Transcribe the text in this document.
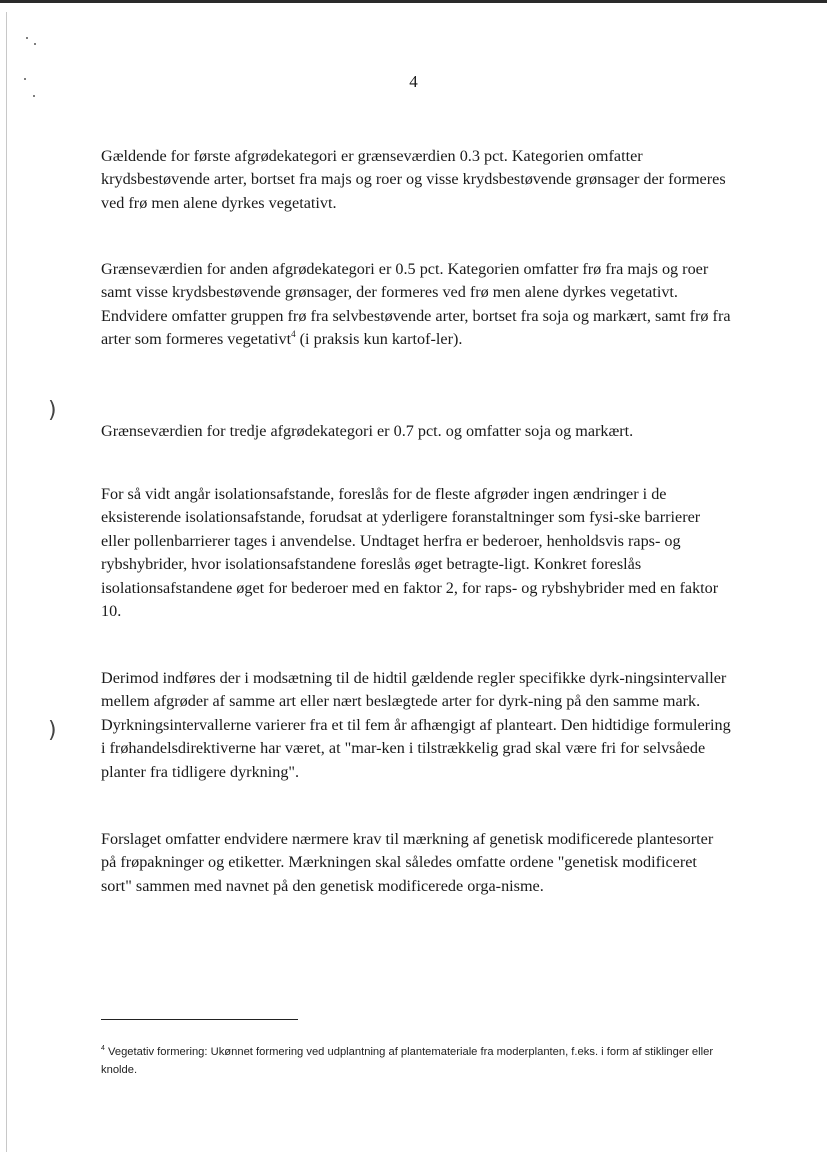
4

Gældende for første afgrødekategori er grænseværdien 0.3 pct. Kategorien omfatter krydsbestøvende arter, bortset fra majs og roer og visse krydsbestøvende grønsager der formeres ved frø men alene dyrkes vegetativt.

Grænseværdien for anden afgrødekategori er 0.5 pct. Kategorien omfatter frø fra majs og roer samt visse krydsbestøvende grønsager, der formeres ved frø men alene dyrkes vegetativt. Endvidere omfatter gruppen frø fra selvbestøvende arter, bortset fra soja og markært, samt frø fra arter som formeres vegetativt$^4$ (i praksis kun kartof-ler).

)

Grænseværdien for tredje afgrødekategori er 0.7 pct. og omfatter soja og markært.

For så vidt angår isolationsafstande, foreslås for de fleste afgrøder ingen ændringer i de eksisterende isolationsafstande, forudsat at yderligere foranstaltninger som fysi-ske barrierer eller pollenbarrierer tages i anvendelse. Undtaget herfra er bederoer, henholdsvis raps- og rybshybrider, hvor isolationsafstandene foreslås øget betragte-ligt. Konkret foreslås isolationsafstandene øget for bederoer med en faktor 2, for raps- og rybshybrider med en faktor 10.

)

Derimod indføres der i modsætning til de hidtil gældende regler specifikke dyrk-ningsintervaller mellem afgrøder af samme art eller nært beslægtede arter for dyrk-ning på den samme mark. Dyrkningsintervallerne varierer fra et til fem år afhængigt af planteart. Den hidtidige formulering i frøhandelsdirektiverne har været, at "mar-ken i tilstrækkelig grad skal være fri for selvsåede planter fra tidligere dyrkning".

Forslaget omfatter endvidere nærmere krav til mærkning af genetisk modificerede plantesorter på frøpakninger og etiketter. Mærkningen skal således omfatte ordene "genetisk modificeret sort" sammen med navnet på den genetisk modificerede orga-nisme.

$^4$ Vegetativ formering: Ukønnet formering ved udplantning af plantemateriale fra moderplanten, f.eks. i form af stiklinger eller knolde.
